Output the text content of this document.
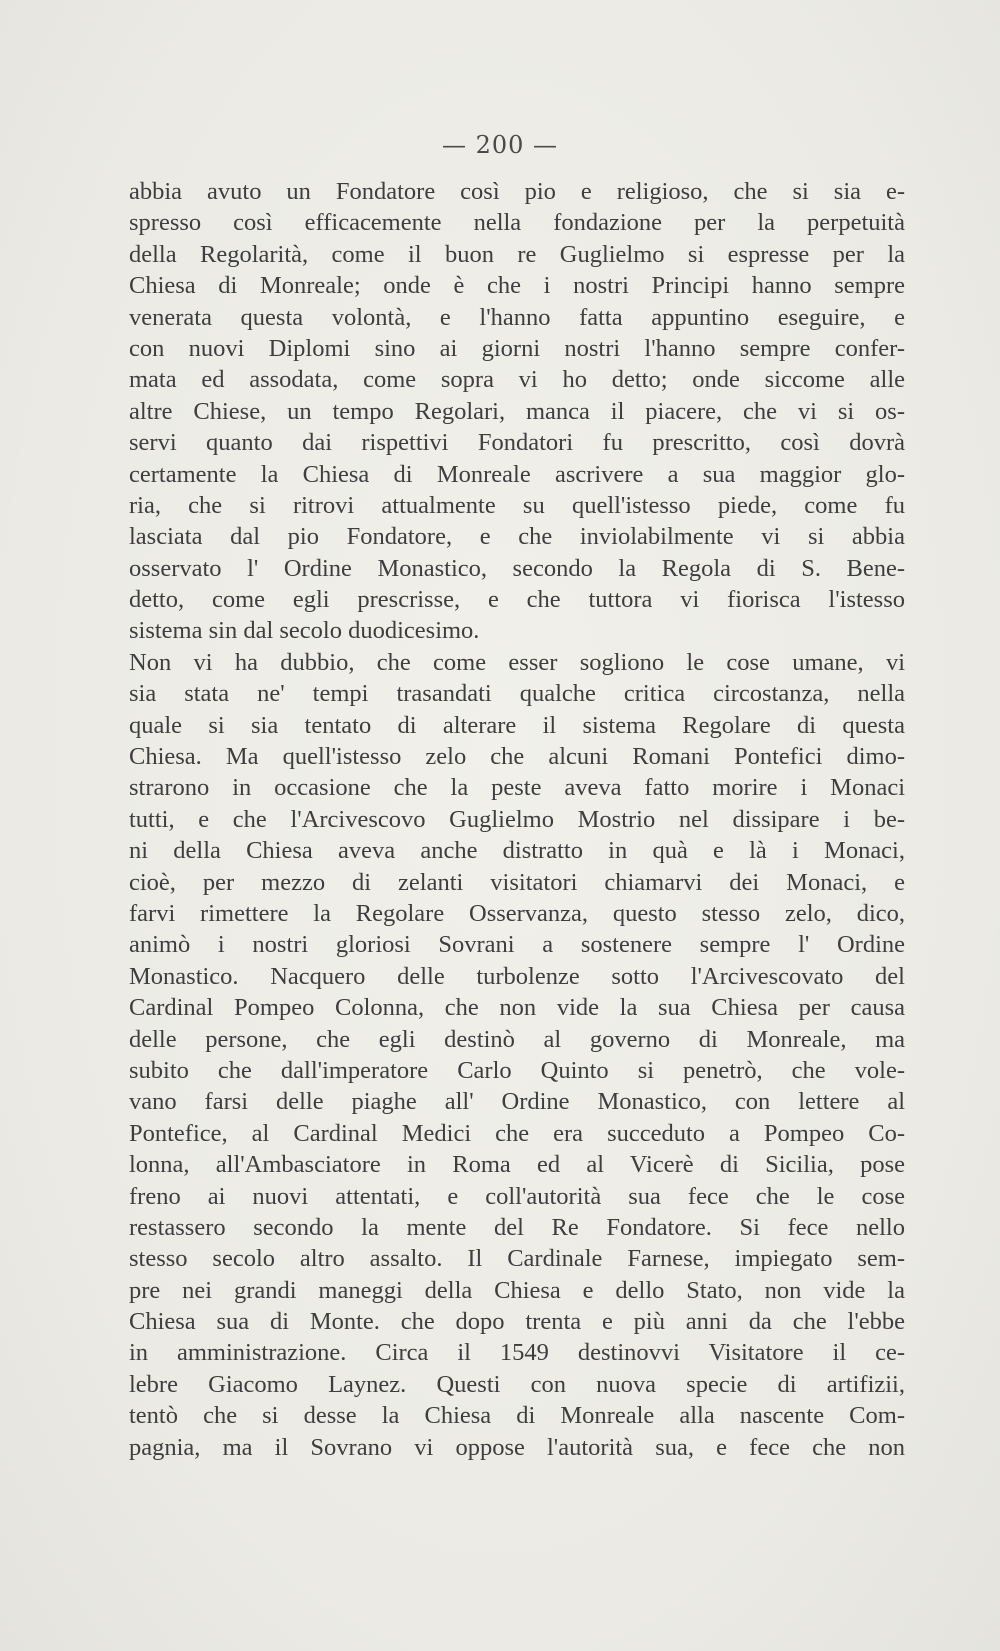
— 200 —
abbia avuto un Fondatore così pio e religioso, che si sia e-
spresso così efficacemente nella fondazione per la perpetuità
della Regolarità, come il buon re Guglielmo si espresse per la
Chiesa di Monreale; onde è che i nostri Principi hanno sempre
venerata questa volontà, e l'hanno fatta appuntino eseguire, e
con nuovi Diplomi sino ai giorni nostri l'hanno sempre confer-
mata ed assodata, come sopra vi ho detto; onde siccome alle
altre Chiese, un tempo Regolari, manca il piacere, che vi si os-
servi quanto dai rispettivi Fondatori fu prescritto, così dovrà
certamente la Chiesa di Monreale ascrivere a sua maggior glo-
ria, che si ritrovi attualmente su quell'istesso piede, come fu
lasciata dal pio Fondatore, e che inviolabilmente vi si abbia
osservato l' Ordine Monastico, secondo la Regola di S. Bene-
detto, come egli prescrisse, e che tuttora vi fiorisca l'istesso
sistema sin dal secolo duodicesimo.
Non vi ha dubbio, che come esser sogliono le cose umane, vi
sia stata ne' tempi trasandati qualche critica circostanza, nella
quale si sia tentato di alterare il sistema Regolare di questa
Chiesa. Ma quell'istesso zelo che alcuni Romani Pontefici dimo-
strarono in occasione che la peste aveva fatto morire i Monaci
tutti, e che l'Arcivescovo Guglielmo Mostrio nel dissipare i be-
ni della Chiesa aveva anche distratto in quà e là i Monaci,
cioè, per mezzo di zelanti visitatori chiamarvi dei Monaci, e
farvi rimettere la Regolare Osservanza, questo stesso zelo, dico,
animò i nostri gloriosi Sovrani a sostenere sempre l' Ordine
Monastico. Nacquero delle turbolenze sotto l'Arcivescovato del
Cardinal Pompeo Colonna, che non vide la sua Chiesa per causa
delle persone, che egli destinò al governo di Monreale, ma
subito che dall'imperatore Carlo Quinto si penetrò, che vole-
vano farsi delle piaghe all' Ordine Monastico, con lettere al
Pontefice, al Cardinal Medici che era succeduto a Pompeo Co-
lonna, all'Ambasciatore in Roma ed al Vicerè di Sicilia, pose
freno ai nuovi attentati, e coll'autorità sua fece che le cose
restassero secondo la mente del Re Fondatore. Si fece nello
stesso secolo altro assalto. Il Cardinale Farnese, impiegato sem-
pre nei grandi maneggi della Chiesa e dello Stato, non vide la
Chiesa sua di Monte. che dopo trenta e più anni da che l'ebbe
in amministrazione. Circa il 1549 destinovvi Visitatore il ce-
lebre Giacomo Laynez. Questi con nuova specie di artifizii,
tentò che si desse la Chiesa di Monreale alla nascente Com-
pagnia, ma il Sovrano vi oppose l'autorità sua, e fece che non
